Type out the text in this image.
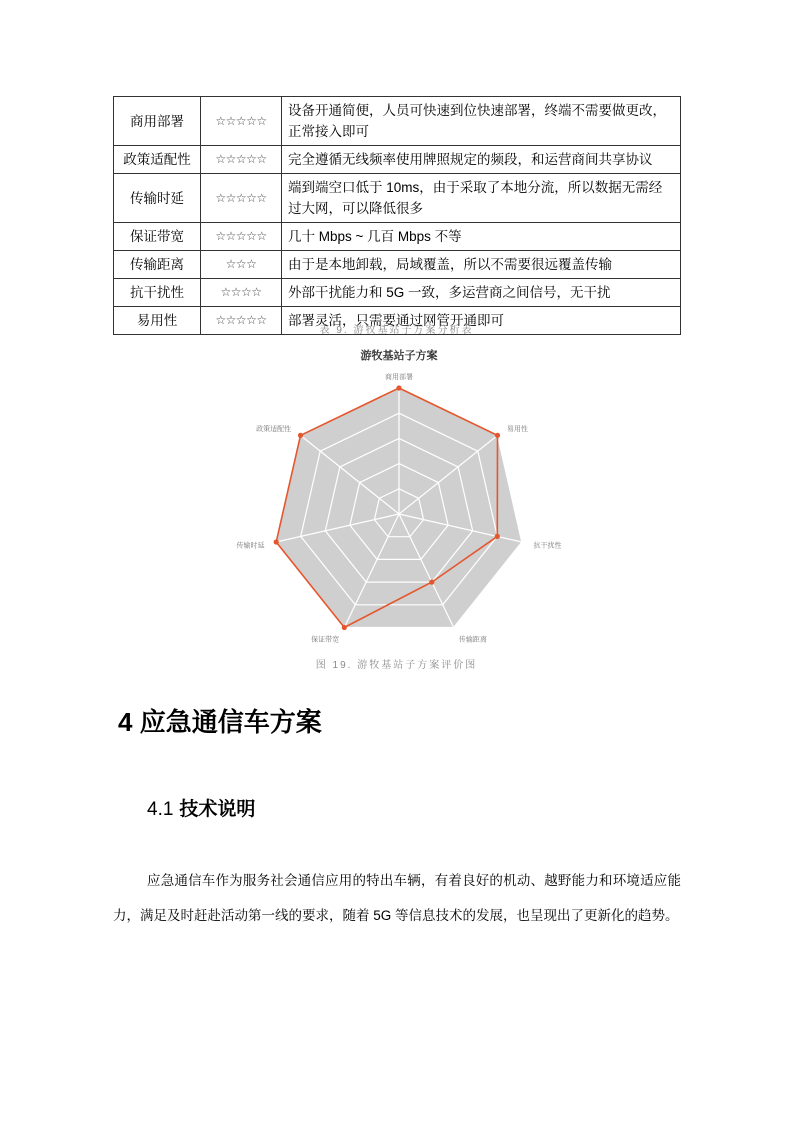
商用部署	☆☆☆☆☆	设备开通简便，人员可快速到位快速部署，终端不需要做更改，正常接入即可
政策适配性	☆☆☆☆☆	完全遵循无线频率使用牌照规定的频段，和运营商间共享协议
传输时延	☆☆☆☆☆	端到端空口低于 10ms，由于采取了本地分流，所以数据无需经过大网，可以降低很多
保证带宽	☆☆☆☆☆	几十 Mbps ~ 几百 Mbps 不等
传输距离	☆☆☆	由于是本地卸载，局域覆盖，所以不需要很远覆盖传输
抗干扰性	☆☆☆☆	外部干扰能力和 5G 一致，多运营商之间信号，无干扰
易用性	☆☆☆☆☆	部署灵活，只需要通过网管开通即可
表 9. 游牧基站子方案分析表
游牧基站子方案
商用部署
易用性
抗干扰性
传输距离
保证带宽
传输时延
政策适配性
图 19. 游牧基站子方案评价图
4 应急通信车方案
4.1 技术说明

应急通信车作为服务社会通信应用的特出车辆，有着良好的机动、越野能力和环境适应能力，满足及时赶赴活动第一线的要求，随着 5G 等信息技术的发展，也呈现出了更新化的趋势。
